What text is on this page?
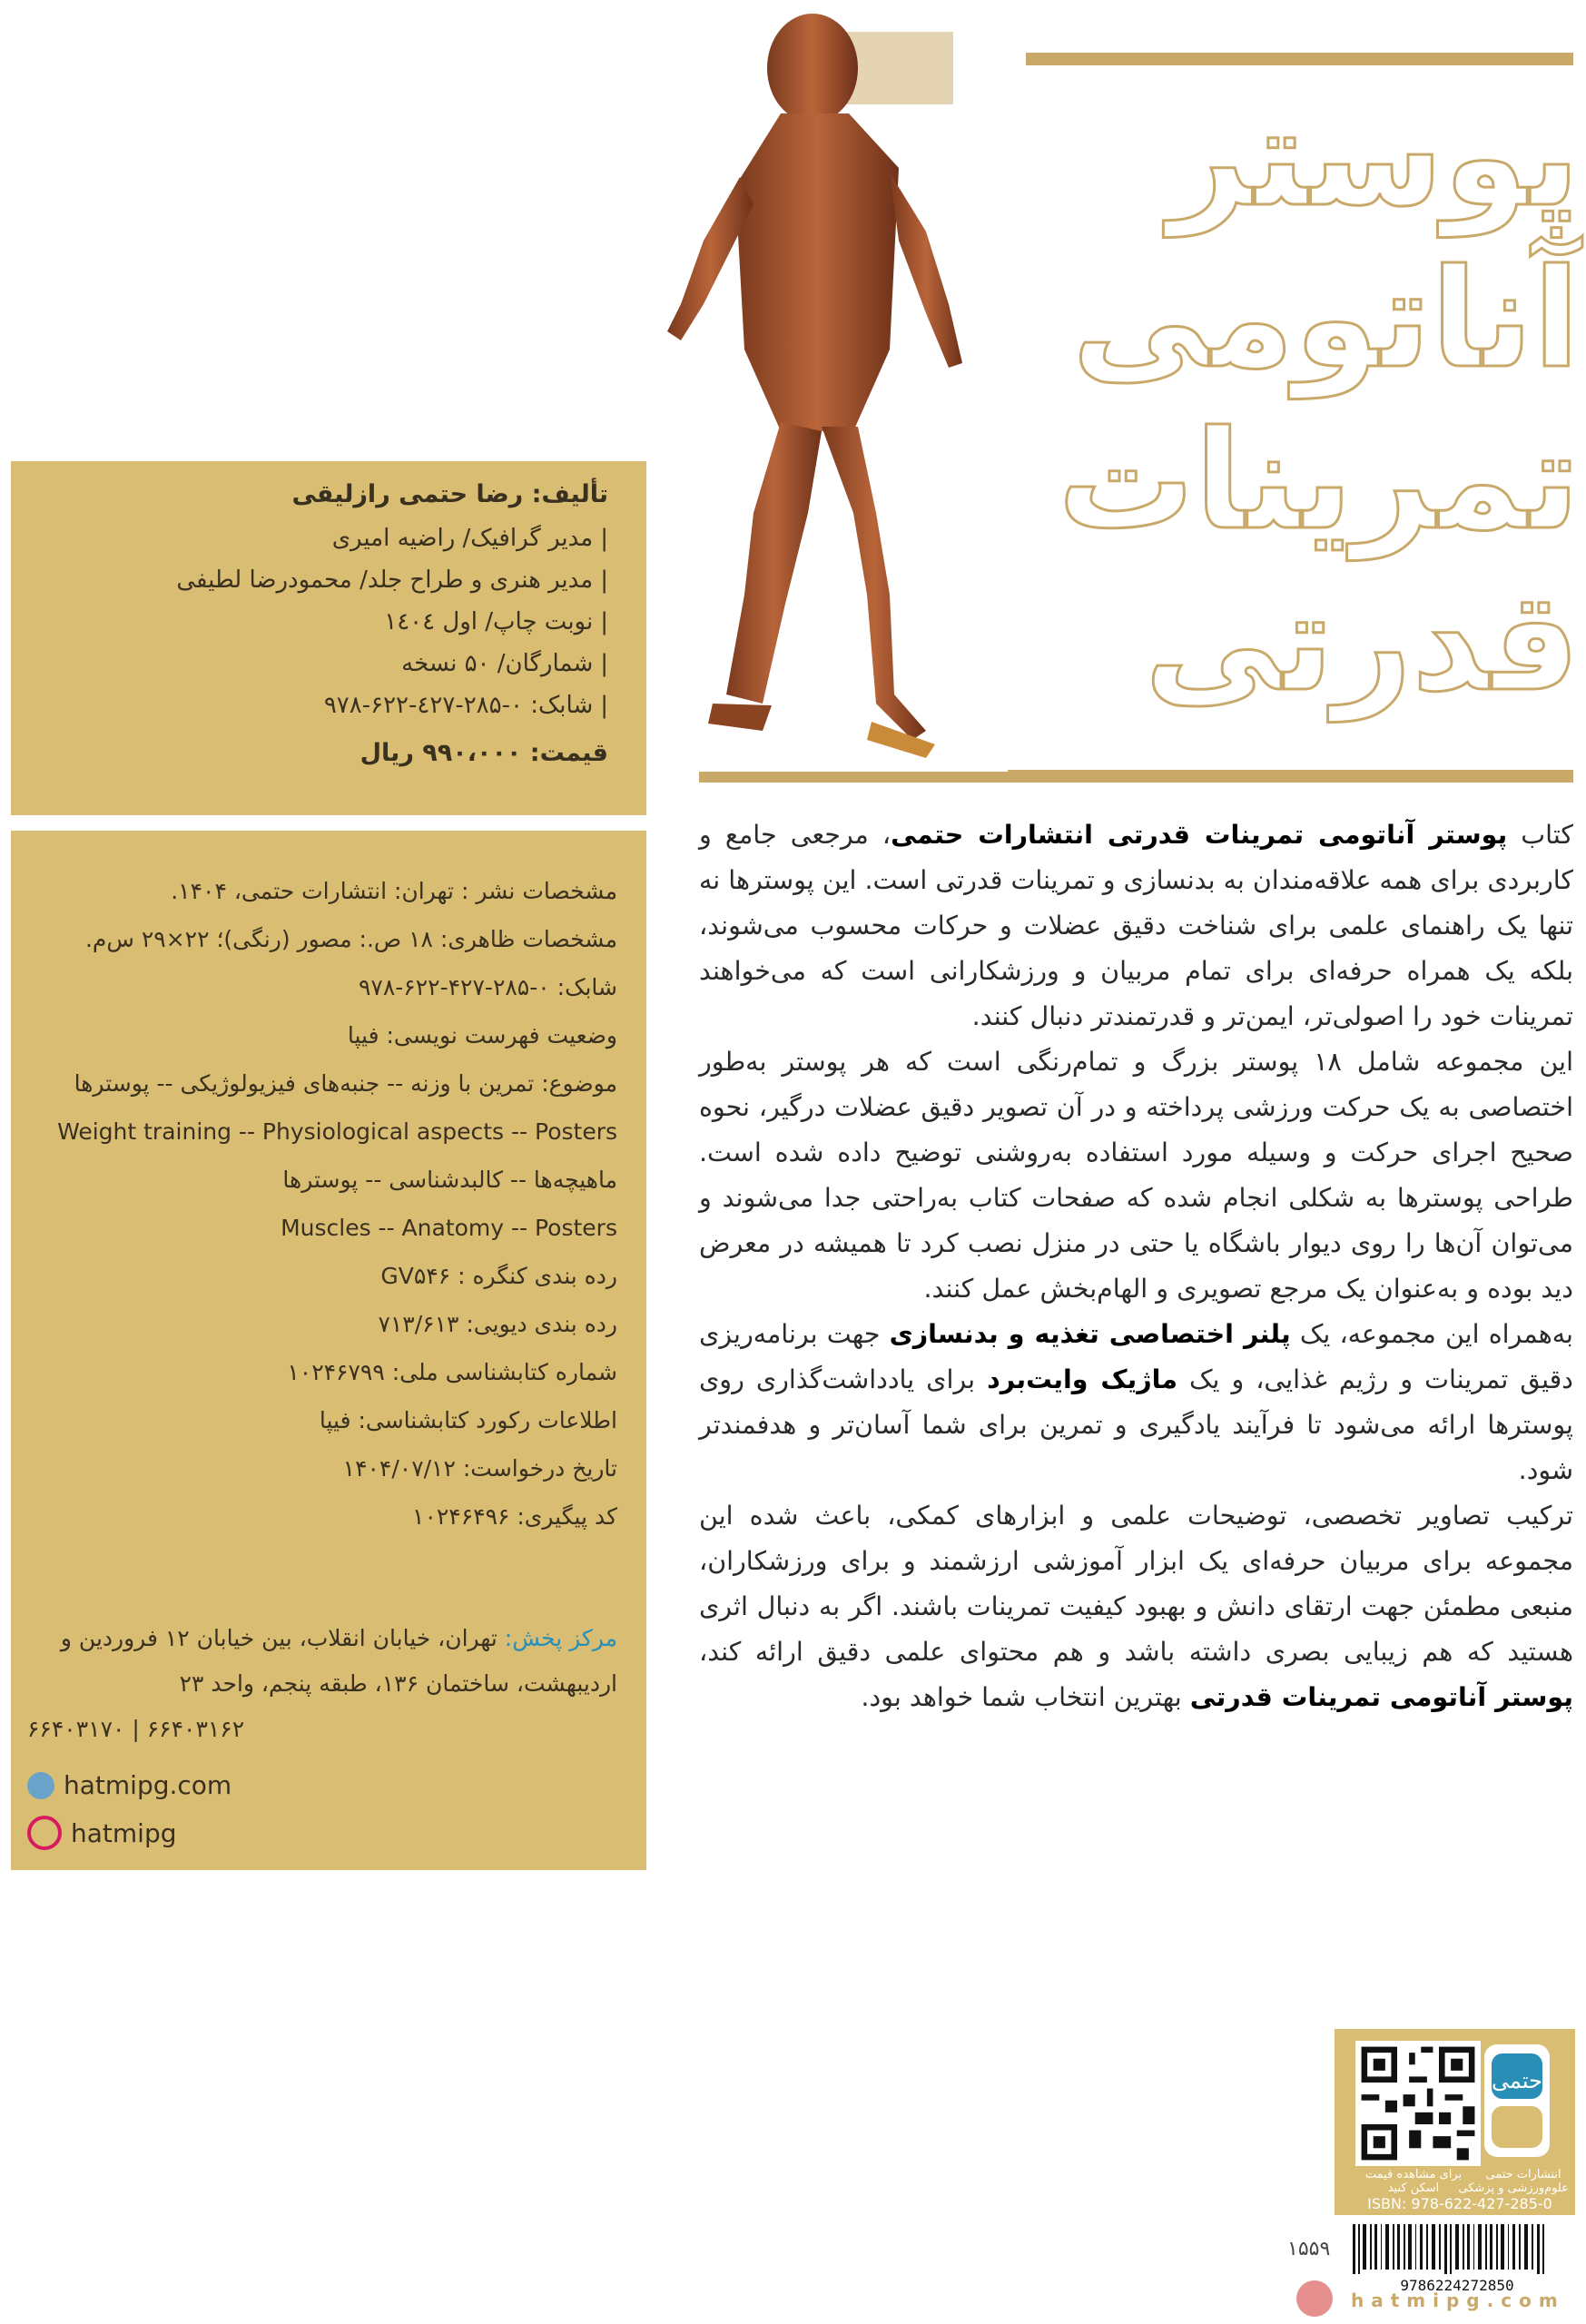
پوستر
آناتومی
تمرینات
قدرتی
تألیف: رضا حتمی رازلیقی
|مدیر گرافیک/ راضیه امیری
|مدیر هنری و طراح جلد/ محمودرضا لطیفی
|نوبت چاپ/ اول ۱٤۰٤
|شمارگان/ ۵۰ نسخه
|شابک: ۰-۲۸۵-٤۲۷-۶۲۲-۹۷۸
قیمت: ۹۹۰،۰۰۰ ریال
مشخصات نشر : تهران: انتشارات حتمی، ۱۴۰۴.
مشخصات ظاهری: ۱۸ ص.: مصور (رنگی)؛ ۲۲×۲۹ س‌م.
شابک: ۰-۲۸۵-۴۲۷-۶۲۲-۹۷۸
وضعیت فهرست نویسی: فیپا
موضوع: تمرین با وزنه -- جنبه‌های فیزیولوژیکی -- پوسترها
Weight training -- Physiological aspects -- Posters
ماهیچه‌ها -- کالبدشناسی -- پوسترها
Muscles -- Anatomy -- Posters
رده بندی کنگره : GV۵۴۶
رده بندی دیویی: ۷۱۳/۶۱۳
شماره کتابشناسی ملی: ۱۰۲۴۶۷۹۹
اطلاعات رکورد کتابشناسی: فیپا
تاریخ درخواست: ۱۴۰۴/۰۷/۱۲
کد پیگیری: ۱۰۲۴۶۴۹۶
مرکز پخش: تهران، خیابان انقلاب، بین خیابان ۱۲ فروردین و اردیبهشت، ساختمان ۱۳۶، طبقه پنجم، واحد ۲۳
۶۶۴۰۳۱۷۰ | ۶۶۴۰۳۱۶۲
hatmipg.com
hatmipg

کتاب پوستر آناتومی تمرینات قدرتی انتشارات حتمی، مرجعی جامع و کاربردی برای همه علاقه‌مندان به بدنسازی و تمرینات قدرتی است. این پوسترها نه تنها یک راهنمای علمی برای شناخت دقیق عضلات و حرکات محسوب می‌شوند، بلکه یک همراه حرفه‌ای برای تمام مربیان و ورزشکارانی است که می‌خواهند تمرینات خود را اصولی‌تر، ایمن‌تر و قدرتمندتر دنبال کنند.

این مجموعه شامل ۱۸ پوستر بزرگ و تمام‌رنگی است که هر پوستر به‌طور اختصاصی به یک حرکت ورزشی پرداخته و در آن تصویر دقیق عضلات درگیر، نحوه صحیح اجرای حرکت و وسیله مورد استفاده به‌روشنی توضیح داده شده است. طراحی پوسترها به شکلی انجام شده که صفحات کتاب به‌راحتی جدا می‌شوند و می‌توان آن‌ها را روی دیوار باشگاه یا حتی در منزل نصب کرد تا همیشه در معرض دید بوده و به‌عنوان یک مرجع تصویری و الهام‌بخش عمل کنند.

به‌همراه این مجموعه، یک پلنر اختصاصی تغذیه و بدنسازی جهت برنامه‌ریزی دقیق تمرینات و رژیم غذایی، و یک ماژیک وایت‌برد برای یادداشت‌گذاری روی پوسترها ارائه می‌شود تا فرآیند یادگیری و تمرین برای شما آسان‌تر و هدفمندتر شود.

ترکیب تصاویر تخصصی، توضیحات علمی و ابزارهای کمکی، باعث شده این مجموعه برای مربیان حرفه‌ای یک ابزار آموزشی ارزشمند و برای ورزشکاران، منبعی مطمئن جهت ارتقای دانش و بهبود کیفیت تمرینات باشند. اگر به دنبال اثری هستید که هم زیبایی بصری داشته باشد و هم محتوای علمی دقیق ارائه کند، پوستر آناتومی تمرینات قدرتی بهترین انتخاب شما خواهد بود.

حتمی
برای مشاهده قیمت
اسکن کنید
انتشارات حتمی
علوم‌ورزشی و پزشکی
ISBN: 978-622-427-285-0
9786224272850
۱۵۵۹
hatmipg.com
